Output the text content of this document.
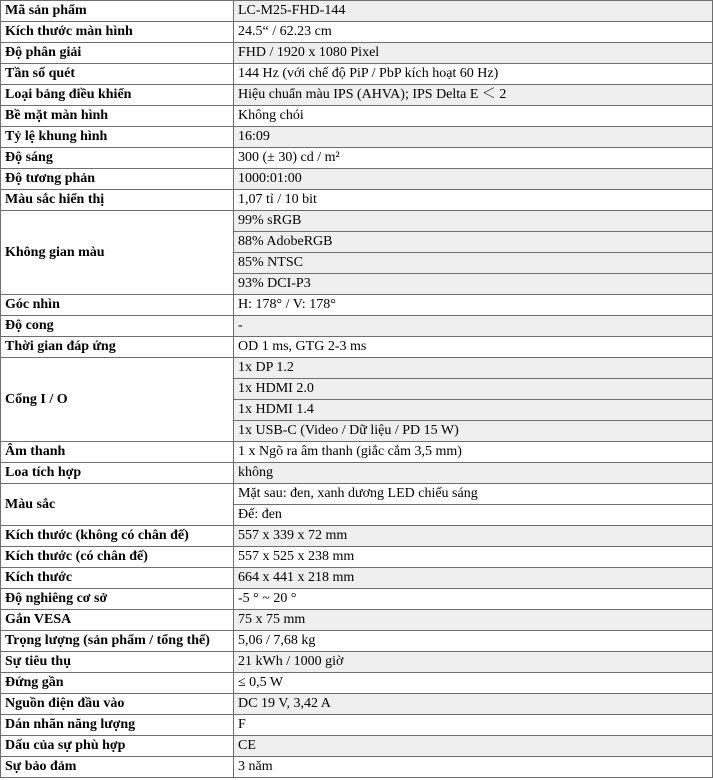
Mã sản phẩm	LC-M25-FHD-144
Kích thước màn hình	24.5“ / 62.23 cm
Độ phân giải	FHD / 1920 x 1080 Pixel
Tần số quét	144 Hz (với chế độ PiP / PbP kích hoạt 60 Hz)
Loại bảng điều khiển	Hiệu chuẩn màu IPS (AHVA); IPS Delta E ＜ 2
Bề mặt màn hình	Không chói
Tỷ lệ khung hình	16:09
Độ sáng	300 (± 30) cd / m²
Độ tương phản	1000:01:00
Màu sắc hiển thị	1,07 tỉ / 10 bit
Không gian màu	99% sRGB
	88% AdobeRGB
	85% NTSC
	93% DCI-P3
Góc nhìn	H: 178° / V: 178°
Độ cong	-
Thời gian đáp ứng	OD 1 ms, GTG 2-3 ms
Cổng I / O	1x DP 1.2
	1x HDMI 2.0
	1x HDMI 1.4
	1x USB-C (Video / Dữ liệu / PD 15 W)
Âm thanh	1 x Ngõ ra âm thanh (giắc cắm 3,5 mm)
Loa tích hợp	không
Màu sắc	Mặt sau: đen, xanh dương LED chiếu sáng
	Đế: đen
Kích thước (không có chân đế)	557 x 339 x 72 mm
Kích thước (có chân đế)	557 x 525 x 238 mm
Kích thước	664 x 441 x 218 mm
Độ nghiêng cơ sở	-5 ° ~ 20 °
Gắn VESA	75 x 75 mm
Trọng lượng (sản phẩm / tổng thể)	5,06 / 7,68 kg
Sự tiêu thụ	21 kWh / 1000 giờ
Đứng gần	≤ 0,5 W
Nguồn điện đầu vào	DC 19 V, 3,42 A
Dán nhãn năng lượng	F
Dấu của sự phù hợp	CE
Sự bảo đảm	3 năm
